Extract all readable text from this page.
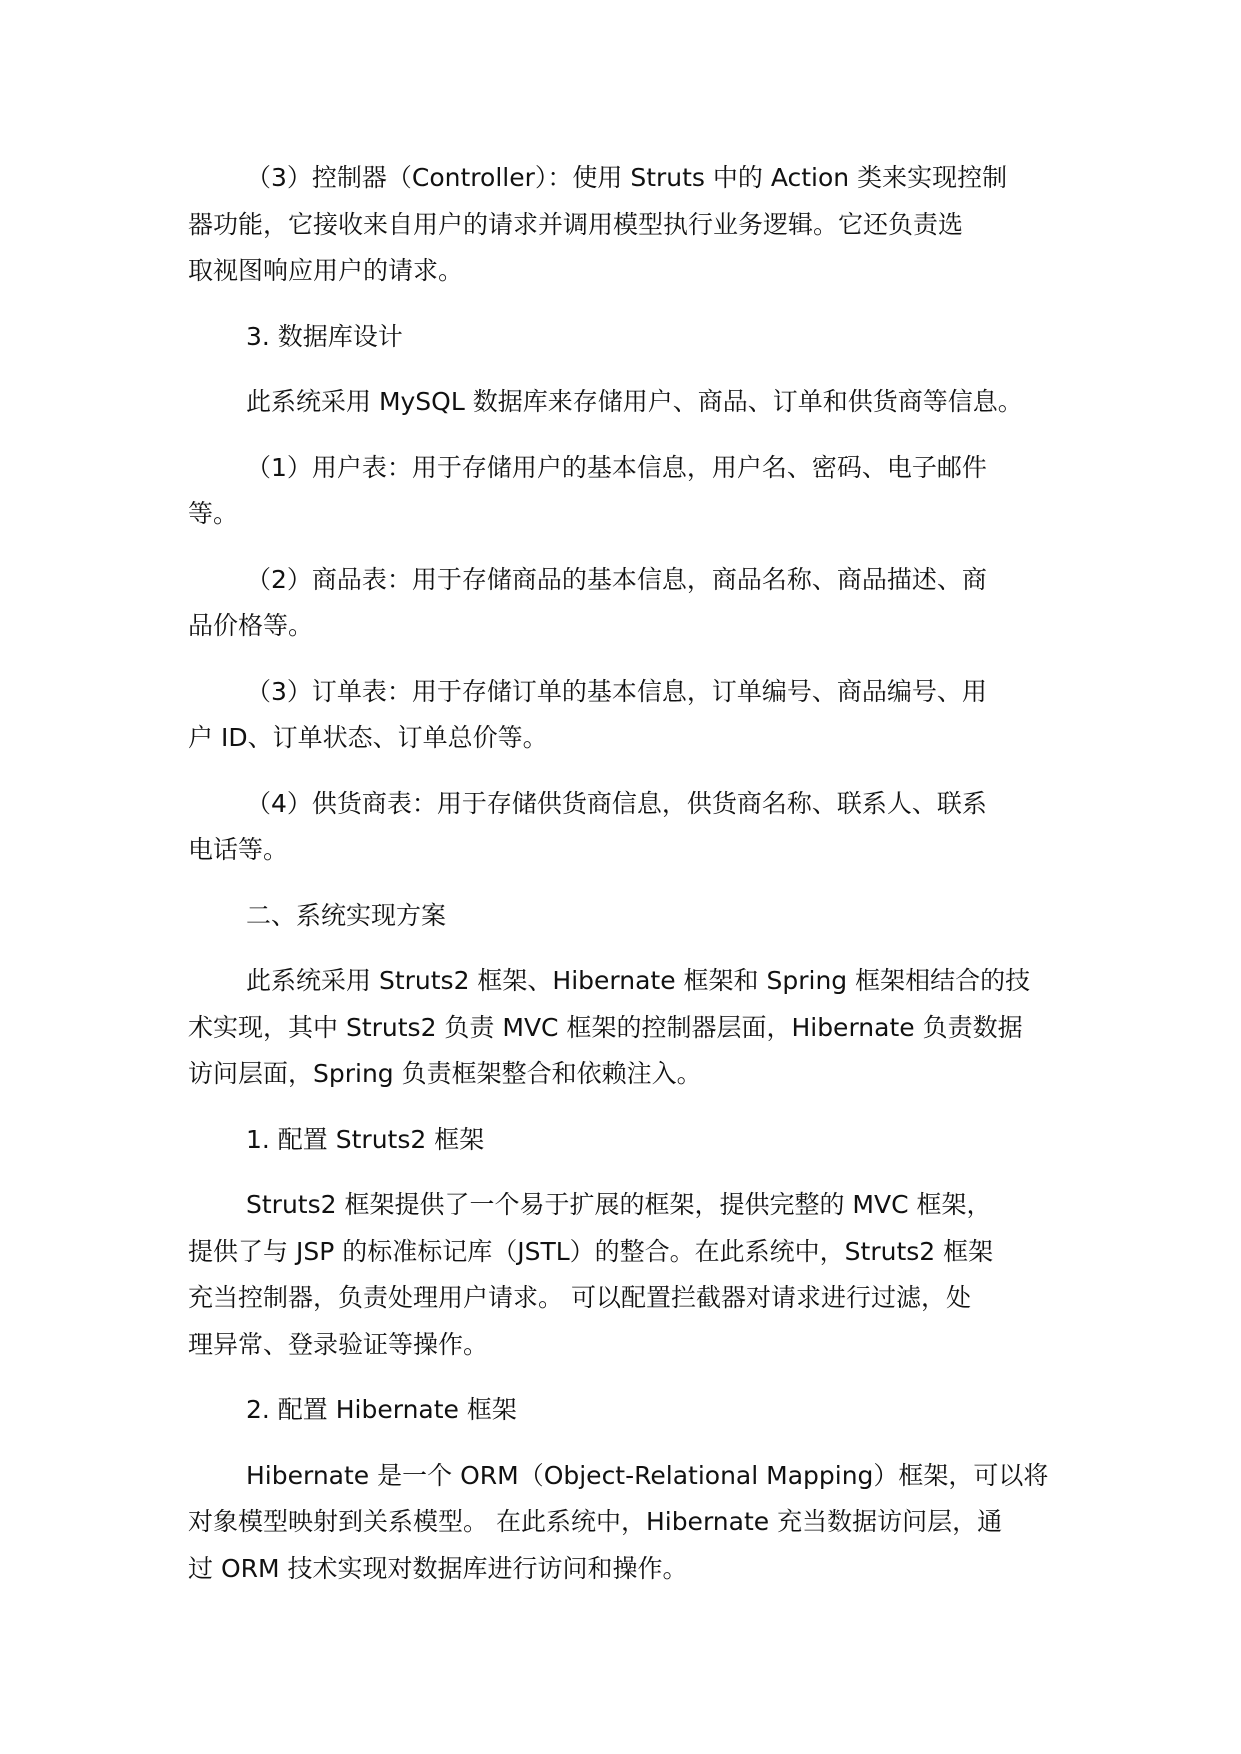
（3）控制器（Controller）：使用 Struts 中的 Action 类来实现控制
器功能，它接收来自用户的请求并调用模型执行业务逻辑。它还负责选
取视图响应用户的请求。

3. 数据库设计

此系统采用 MySQL 数据库来存储用户、商品、订单和供货商等信息。

（1）用户表：用于存储用户的基本信息，用户名、密码、电子邮件
等。

（2）商品表：用于存储商品的基本信息，商品名称、商品描述、商
品价格等。

（3）订单表：用于存储订单的基本信息，订单编号、商品编号、用
户 ID、订单状态、订单总价等。

（4）供货商表：用于存储供货商信息，供货商名称、联系人、联系
电话等。

二、系统实现方案

此系统采用 Struts2 框架、Hibernate 框架和 Spring 框架相结合的技
术实现，其中 Struts2 负责 MVC 框架的控制器层面，Hibernate 负责数据
访问层面，Spring 负责框架整合和依赖注入。

1. 配置 Struts2 框架

Struts2 框架提供了一个易于扩展的框架，提供完整的 MVC 框架，
提供了与 JSP 的标准标记库（JSTL）的整合。在此系统中，Struts2 框架
充当控制器，负责处理用户请求。 可以配置拦截器对请求进行过滤，处
理异常、登录验证等操作。

2. 配置 Hibernate 框架

Hibernate 是一个 ORM（Object-Relational Mapping）框架，可以将
对象模型映射到关系模型。 在此系统中，Hibernate 充当数据访问层，通
过 ORM 技术实现对数据库进行访问和操作。
